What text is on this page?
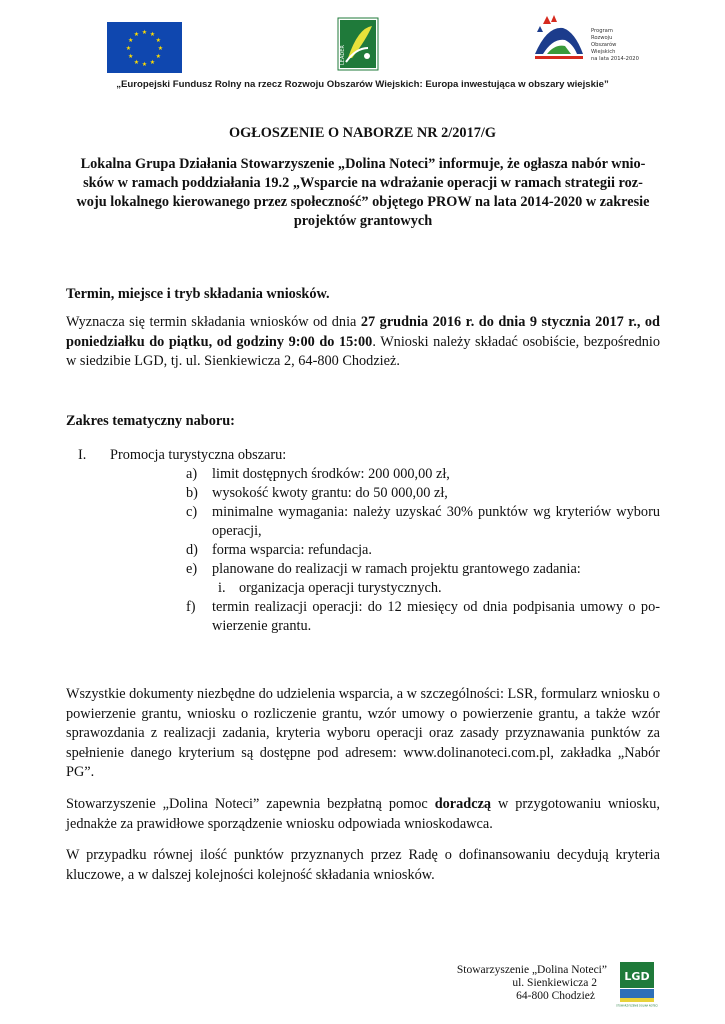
★ ★
★
★
★
★
★
★
★
★
★
★
LEADER
Program
Rozwoju
Obszarów
Wiejskich
na lata 2014-2020
„Europejski Fundusz Rolny na rzecz Rozwoju Obszarów Wiejskich: Europa inwestująca w obszary wiejskie”
OGŁOSZENIE O NABORZE NR 2/2017/G
Lokalna Grupa Działania Stowarzyszenie „Dolina Noteci” informuje, że ogłasza nabór wnio-
sków w ramach poddziałania 19.2 „Wsparcie na wdrażanie operacji w ramach strategii roz-
woju lokalnego kierowanego przez społeczność” objętego PROW na lata 2014-2020 w zakresie
projektów grantowych
Termin, miejsce i tryb składania wniosków.
Wyznacza się termin składania wniosków od dnia 27 grudnia 2016 r. do dnia 9 stycznia 2017 r., od poniedziałku do piątku, od godziny 9:00 do 15:00. Wnioski należy składać osobiście, bezpośrednio w siedzibie LGD, tj. ul. Sienkiewicza 2, 64-800 Chodzież.
Zakres tematyczny naboru:
I. Promocja turystyczna obszaru:
a) limit dostępnych środków: 200 000,00 zł,
b) wysokość kwoty grantu: do 50 000,00 zł,
c) minimalne wymagania: należy uzyskać 30% punktów wg kryteriów wyboru
operacji,
d) forma wsparcia: refundacja.
e) planowane do realizacji w ramach projektu grantowego zadania:
i. organizacja operacji turystycznych.
f) termin realizacji operacji: do 12 miesięcy od dnia podpisania umowy o po-
wierzenie grantu.
Wszystkie dokumenty niezbędne do udzielenia wsparcia, a w szczególności: LSR, formularz wniosku o powierzenie grantu, wniosku o rozliczenie grantu, wzór umowy o powierzenie grantu, a także wzór sprawozdania z realizacji zadania, kryteria wyboru operacji oraz zasady przyznawania punktów za spełnienie danego kryterium są dostępne pod adresem: www.dolinanoteci.com.pl, zakładka „Nabór PG”.
Stowarzyszenie „Dolina Noteci” zapewnia bezpłatną pomoc doradczą w przygotowaniu wniosku, jednakże za prawidłowe sporządzenie wniosku odpowiada wnioskodawca.
W przypadku równej ilość punktów przyznanych przez Radę o dofinansowaniu decydują kryteria kluczowe, a w dalszej kolejności kolejność składania wniosków.
Stowarzyszenie „Dolina Noteci”
ul. Sienkiewicza 2
64-800 Chodzież
LGD
STOWARZYSZENIE DOLINA NOTECI
